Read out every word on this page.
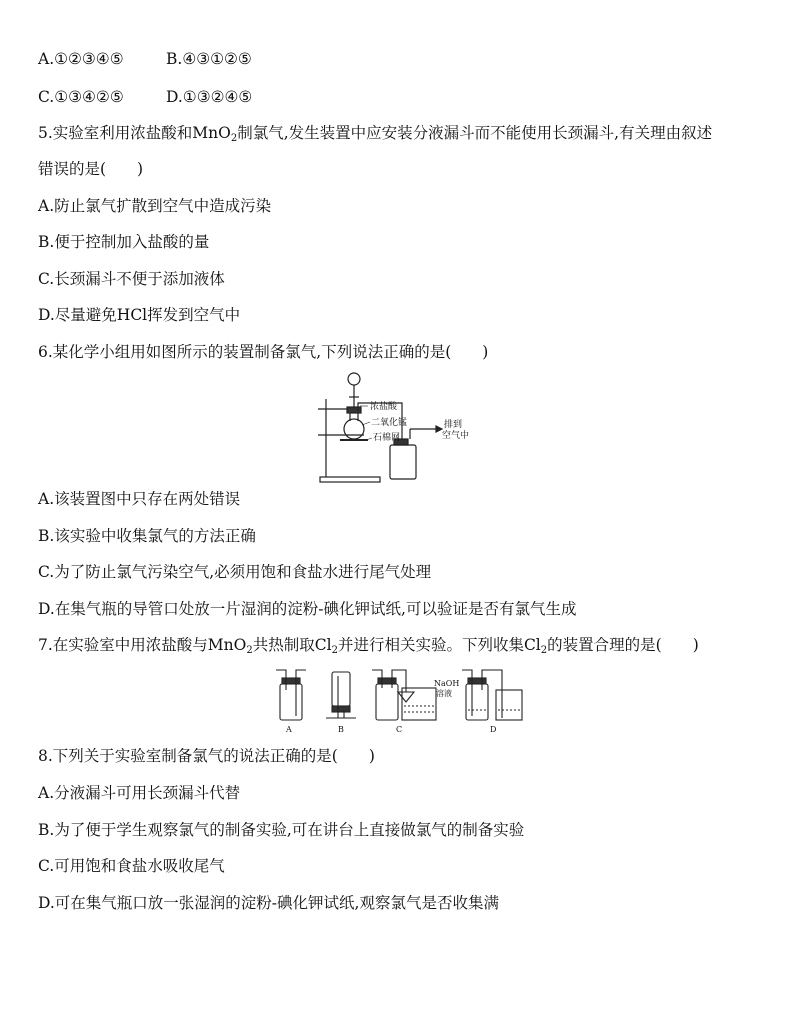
A.①②③④⑤	B.④③①②⑤
C.①③④②⑤	D.①③②④⑤
5.实验室利用浓盐酸和MnO$_2$制氯气,发生装置中应安装分液漏斗而不能使用长颈漏斗,有关理由叙述
错误的是(　　)
A.防止氯气扩散到空气中造成污染
B.便于控制加入盐酸的量
C.长颈漏斗不便于添加液体
D.尽量避免HCl挥发到空气中
6.某化学小组用如图所示的装置制备氯气,下列说法正确的是(　　)
浓盐酸
二氧化锰
石棉网
排到
空气中
A.该装置图中只存在两处错误
B.该实验中收集氯气的方法正确
C.为了防止氯气污染空气,必须用饱和食盐水进行尾气处理
D.在集气瓶的导管口处放一片湿润的淀粉-碘化钾试纸,可以验证是否有氯气生成
7.在实验室中用浓盐酸与MnO$_2$共热制取$Cl_2$并进行相关实验。下列收集$Cl_2$的装置合理的是(　　)
A	B	C	D
NaOH
溶液
8.下列关于实验室制备氯气的说法正确的是(　　)
A.分液漏斗可用长颈漏斗代替
B.为了便于学生观察氯气的制备实验,可在讲台上直接做氯气的制备实验
C.可用饱和食盐水吸收尾气
D.可在集气瓶口放一张湿润的淀粉-碘化钾试纸,观察氯气是否收集满
